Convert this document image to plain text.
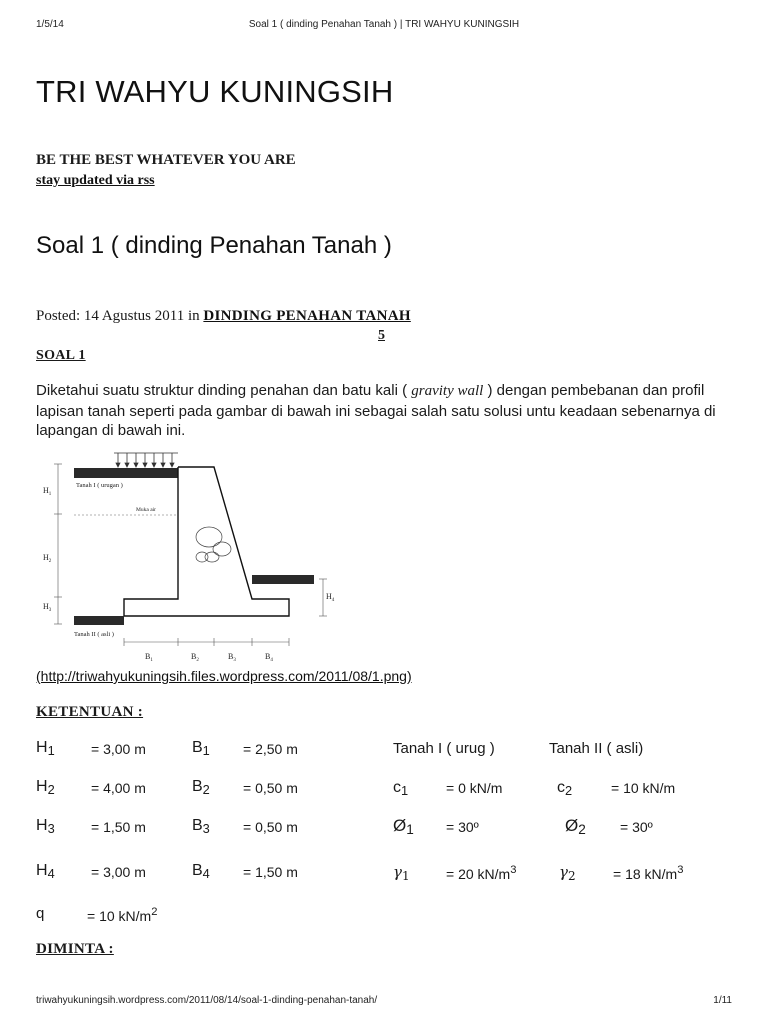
1/5/14	Soal 1 ( dinding Penahan Tanah ) | TRI WAHYU KUNINGSIH
TRI WAHYU KUNINGSIH
BE THE BEST WHATEVER YOU ARE
stay updated via rss
Soal 1 ( dinding Penahan Tanah )
Posted: 14 Agustus 2011 in DINDING PENAHAN TANAH
5
SOAL 1
Diketahui suatu struktur dinding penahan dan batu kali ( gravity wall ) dengan pembebanan dan profil lapisan tanah seperti pada gambar di bawah ini sebagai salah satu solusi untu keadaan sebenarnya di lapangan di bawah ini.
$H_1$
$H_2$
$H_3$
$H_4$
Tanah I ( urugan )
Muka air
Tanah II ( asli )
$B_1$	$B_2$	$B_3$	$B_4$
(http://triwahyukuningsih.files.wordpress.com/2011/08/1.png)
KETENTUAN :
$H_1$	= 3,00 m	$B_1 = 2,50$ m	Tanah I ( urug )	Tanah II ( asli)
$H_2$	= 4,00 m	$B_2 = 0,50$ m	$c_1$	= 0 kN/m	$c_2$	= 10 kN/m
$H_3$	= 1,50 m	$B_3 = 0,50$ m	$Ø_1$ = 30º	$Ø_2$ = 30º
$H_4$	= 3,00 m	$B_4 = 1,50$ m	$\gamma_1$	= 20 $kN/m^3$	$\gamma_2$	= 18 $kN/m^3$
q	= 10 $kN/m^2$
DIMINTA :
triwahyukuningsih.wordpress.com/2011/08/14/soal-1-dinding-penahan-tanah/	1/11
